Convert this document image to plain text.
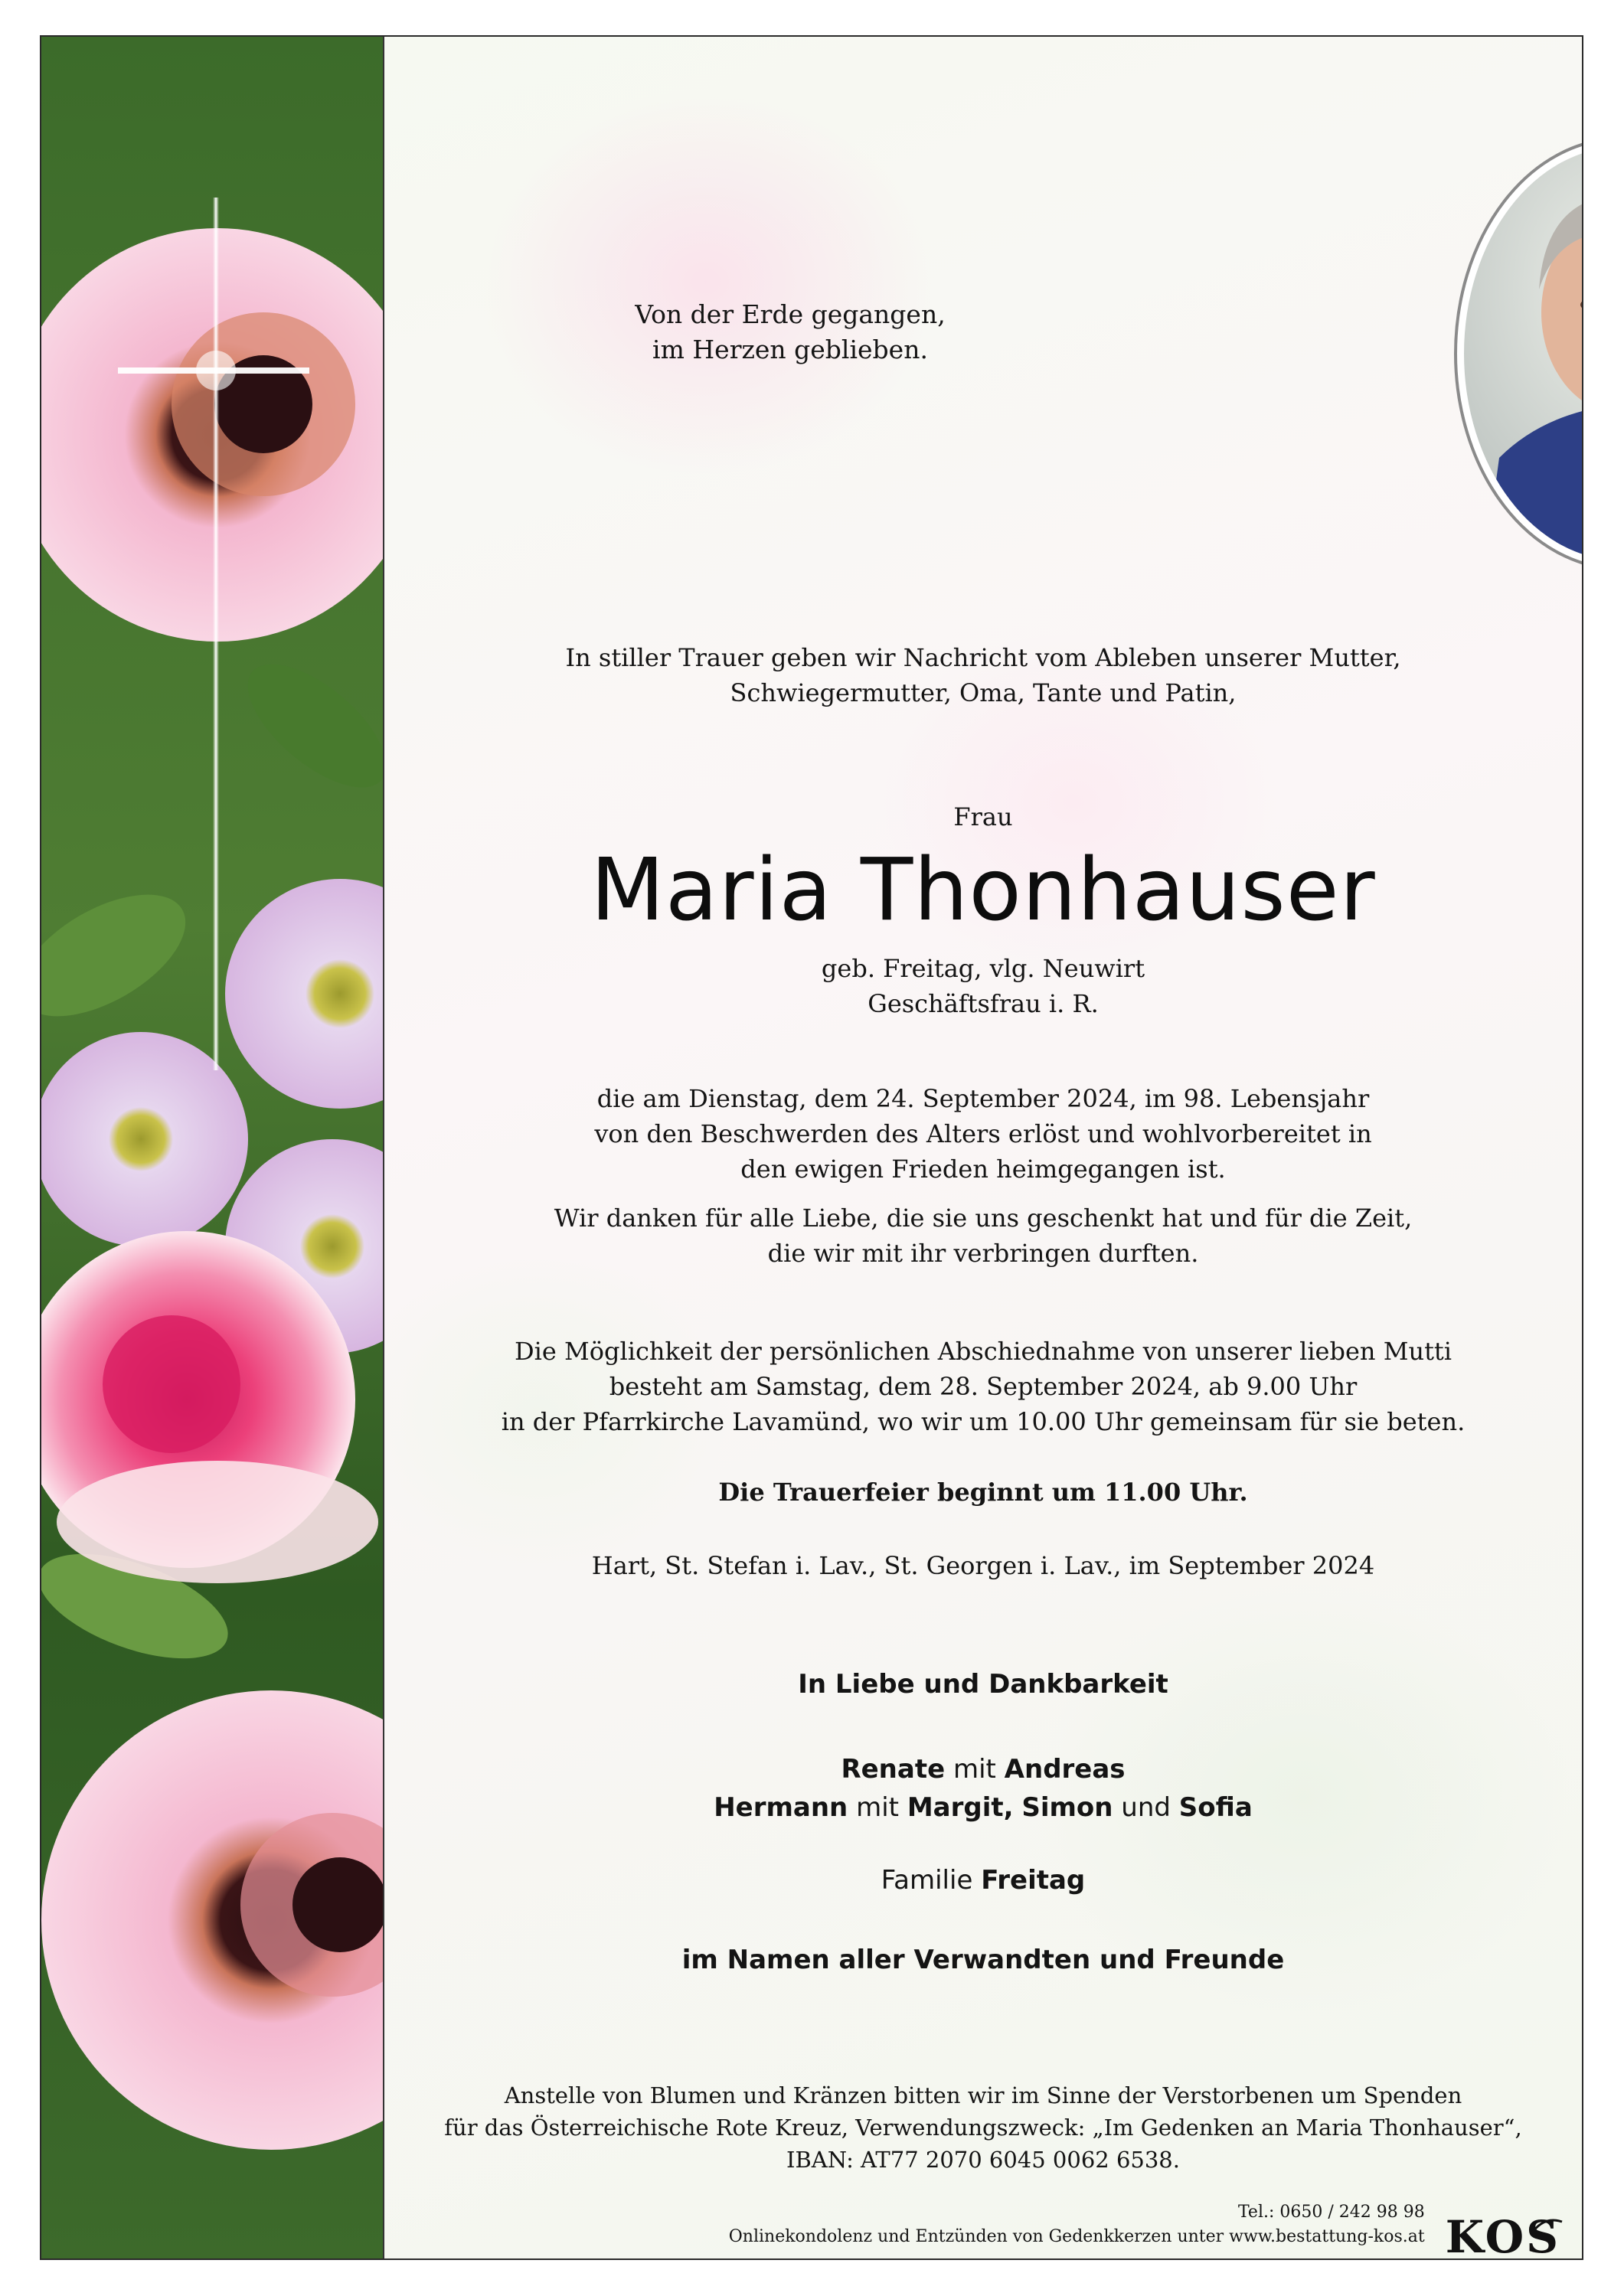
Von der Erde gegangen,
im Herzen geblieben.
In stiller Trauer geben wir Nachricht vom Ableben unserer Mutter,
Schwiegermutter, Oma, Tante und Patin,
Frau
Maria Thonhauser
geb. Freitag, vlg. Neuwirt
Geschäftsfrau i. R.
die am Dienstag, dem 24. September 2024, im 98. Lebensjahr
von den Beschwerden des Alters erlöst und wohlvorbereitet in
den ewigen Frieden heimgegangen ist.
Wir danken für alle Liebe, die sie uns geschenkt hat und für die Zeit,
die wir mit ihr verbringen durften.
Die Möglichkeit der persönlichen Abschiednahme von unserer lieben Mutti
besteht am Samstag, dem 28. September 2024, ab 9.00 Uhr
in der Pfarrkirche Lavamünd, wo wir um 10.00 Uhr gemeinsam für sie beten.
Die Trauerfeier beginnt um 11.00 Uhr.
Hart, St. Stefan i. Lav., St. Georgen i. Lav., im September 2024
In Liebe und Dankbarkeit
Renate mit Andreas
Hermann mit Margit, Simon und Sofia
Familie Freitag
im Namen aller Verwandten und Freunde
Anstelle von Blumen und Kränzen bitten wir im Sinne der Verstorbenen um Spenden
für das Österreichische Rote Kreuz, Verwendungszweck: „Im Gedenken an Maria Thonhauser“,
IBAN: AT77 2070 6045 0062 6538.
Tel.: 0650 / 242 98 98
Onlinekondolenz und Entzünden von Gedenkkerzen unter www.bestattung-kos.at KOS
